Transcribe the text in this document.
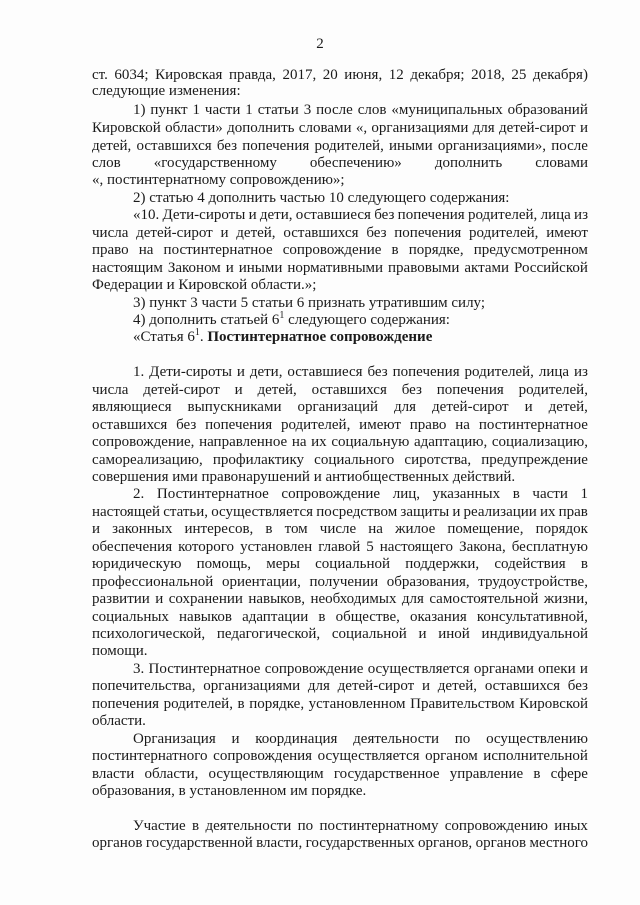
2
ст. 6034; Кировская правда, 2017, 20 июня, 12 декабря; 2018, 25 декабря)
следующие изменения:
1) пункт 1 части 1 статьи 3 после слов «муниципальных образований
Кировской области» дополнить словами «, организациями для детей-сирот и
детей, оставшихся без попечения родителей, иными организациями», после
слов «государственному обеспечению» дополнить словами
«, постинтернатному сопровождению»;
2) статью 4 дополнить частью 10 следующего содержания:
«10. Дети-сироты и дети, оставшиеся без попечения родителей, лица из
числа детей-сирот и детей, оставшихся без попечения родителей, имеют
право на постинтернатное сопровождение в порядке, предусмотренном
настоящим Законом и иными нормативными правовыми актами Российской
Федерации и Кировской области.»;
3) пункт 3 части 5 статьи 6 признать утратившим силу;
4) дополнить статьей $6^1$ следующего содержания:
«Статья $6^1$. Постинтернатное сопровождение
1. Дети-сироты и дети, оставшиеся без попечения родителей, лица из
числа детей-сирот и детей, оставшихся без попечения родителей,
являющиеся выпускниками организаций для детей-сирот и детей,
оставшихся без попечения родителей, имеют право на постинтернатное
сопровождение, направленное на их социальную адаптацию, социализацию,
самореализацию, профилактику социального сиротства, предупреждение
совершения ими правонарушений и антиобщественных действий.
2. Постинтернатное сопровождение лиц, указанных в части 1
настоящей статьи, осуществляется посредством защиты и реализации их прав
и законных интересов, в том числе на жилое помещение, порядок
обеспечения которого установлен главой 5 настоящего Закона, бесплатную
юридическую помощь, меры социальной поддержки, содействия в
профессиональной ориентации, получении образования, трудоустройстве,
развитии и сохранении навыков, необходимых для самостоятельной жизни,
социальных навыков адаптации в обществе, оказания консультативной,
психологической, педагогической, социальной и иной индивидуальной
помощи.
3. Постинтернатное сопровождение осуществляется органами опеки и
попечительства, организациями для детей-сирот и детей, оставшихся без
попечения родителей, в порядке, установленном Правительством Кировской
области.
Организация и координация деятельности по осуществлению
постинтернатного сопровождения осуществляется органом исполнительной
власти области, осуществляющим государственное управление в сфере
образования, в установленном им порядке.
Участие в деятельности по постинтернатному сопровождению иных
органов государственной власти, государственных органов, органов местного
